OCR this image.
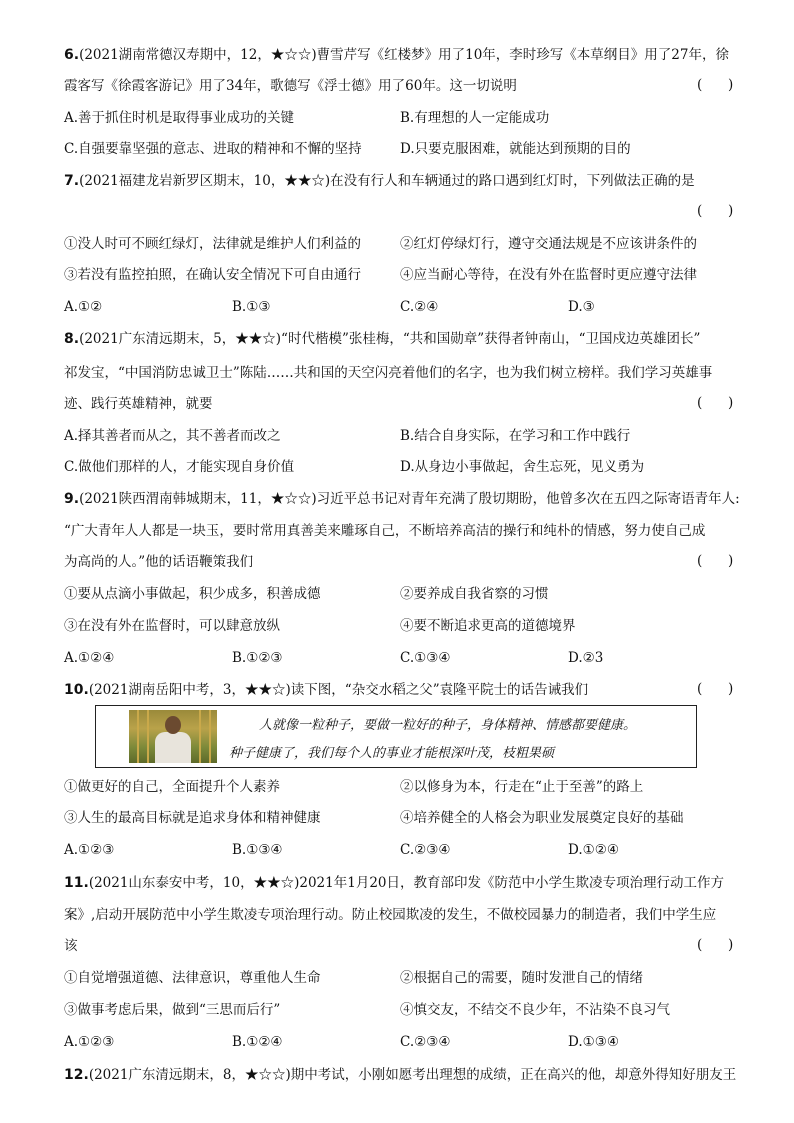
6.(2021湖南常德汉寿期中，12，★☆☆)曹雪芹写《红楼梦》用了10年，李时珍写《本草纲目》用了27年，徐
霞客写《徐霞客游记》用了34年，歌德写《浮士德》用了60年。这一切说明	(      )
A.善于抓住时机是取得事业成功的关键	B.有理想的人一定能成功
C.自强要靠坚强的意志、进取的精神和不懈的坚持	D.只要克服困难，就能达到预期的目的
7.(2021福建龙岩新罗区期末，10，★★☆)在没有行人和车辆通过的路口遇到红灯时，下列做法正确的是
(      )
①没人时可不顾红绿灯，法律就是维护人们利益的	②红灯停绿灯行，遵守交通法规是不应该讲条件的
③若没有监控拍照，在确认安全情况下可自由通行	④应当耐心等待，在没有外在监督时更应遵守法律
A.①②	B.①③	C.②④	D.③
8.(2021广东清远期末，5，★★☆)“时代楷模”张桂梅，“共和国勋章”获得者钟南山，“卫国戍边英雄团长”
祁发宝，“中国消防忠诚卫士”陈陆……共和国的天空闪亮着他们的名字，也为我们树立榜样。我们学习英雄事
迹、践行英雄精神，就要	(      )
A.择其善者而从之，其不善者而改之	B.结合自身实际，在学习和工作中践行
C.做他们那样的人，才能实现自身价值	D.从身边小事做起，舍生忘死，见义勇为
9.(2021陕西渭南韩城期末，11，★☆☆)习近平总书记对青年充满了殷切期盼，他曾多次在五四之际寄语青年人:
“广大青年人人都是一块玉，要时常用真善美来雕琢自己，不断培养高洁的操行和纯朴的情感，努力使自己成
为高尚的人。”他的话语鞭策我们	(      )
①要从点滴小事做起，积少成多，积善成德	②要养成自我省察的习惯
③在没有外在监督时，可以肆意放纵	④要不断追求更高的道德境界
A.①②④	B.①②③	C.①③④	D.②3
10.(2021湖南岳阳中考，3，★★☆)读下图，“杂交水稻之父”袁隆平院士的话告诫我们	(      )
人就像一粒种子，要做一粒好的种子，身体精神、情感都要健康。
种子健康了，我们每个人的事业才能根深叶茂，枝粗果硕
①做更好的自己，全面提升个人素养	②以修身为本，行走在“止于至善”的路上
③人生的最高目标就是追求身体和精神健康	④培养健全的人格会为职业发展奠定良好的基础
A.①②③	B.①③④	C.②③④	D.①②④
11.(2021山东泰安中考，10，★★☆)2021年1月20日，教育部印发《防范中小学生欺凌专项治理行动工作方
案》,启动开展防范中小学生欺凌专项治理行动。防止校园欺凌的发生，不做校园暴力的制造者，我们中学生应
该	(      )
①自觉增强道德、法律意识，尊重他人生命	②根据自己的需要，随时发泄自己的情绪
③做事考虑后果，做到“三思而后行”	④慎交友，不结交不良少年，不沾染不良习气
A.①②③	B.①②④	C.②③④	D.①③④
12.(2021广东清远期末，8，★☆☆)期中考试，小刚如愿考出理想的成绩，正在高兴的他，却意外得知好朋友王
